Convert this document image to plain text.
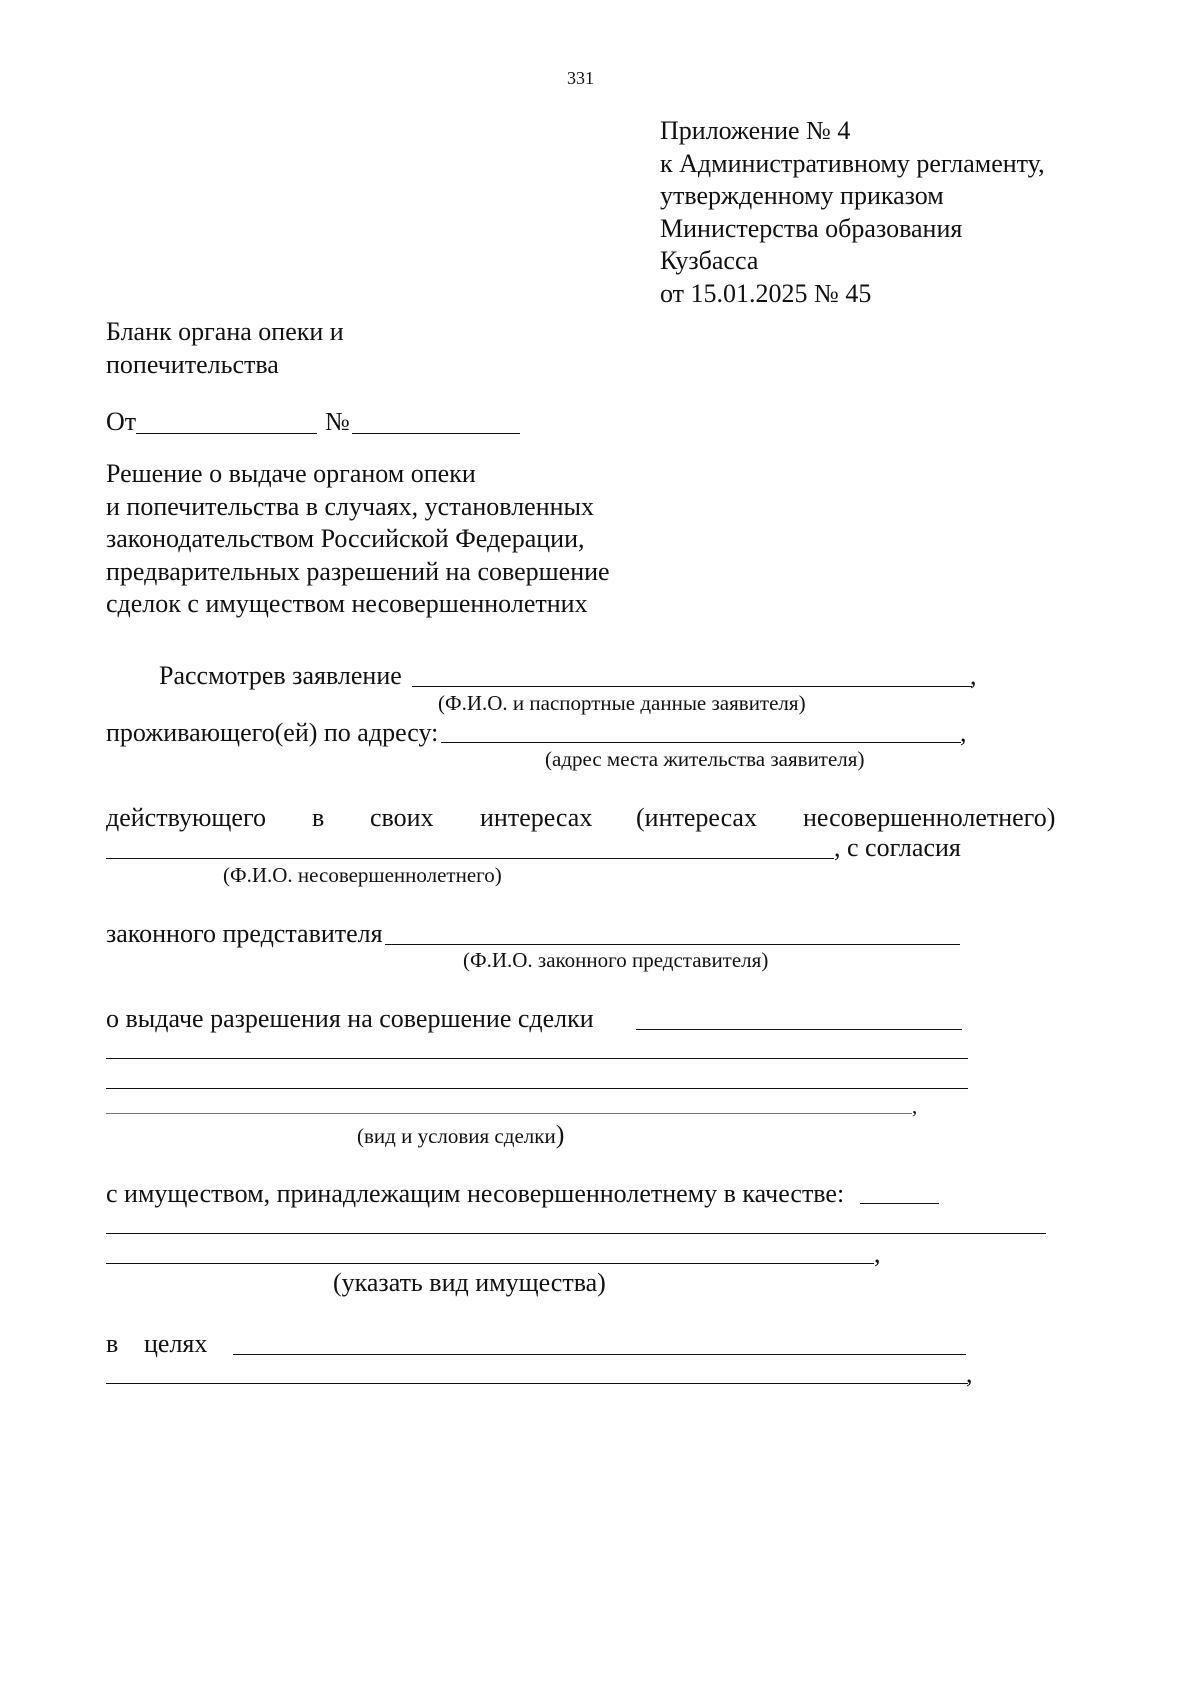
331
Приложение № 4
к Административному регламенту,
утвержденному приказом
Министерства образования
Кузбасса
от 15.01.2025 № 45
Бланк органа опеки и
попечительства
От	№
Решение о выдаче органом опеки
и попечительства в случаях, установленных
законодательством Российской Федерации,
предварительных разрешений на совершение
сделок с имуществом несовершеннолетних
Рассмотрев заявление	,
(Ф.И.О. и паспортные данные заявителя)
проживающего(ей) по адресу:	,
(адрес места жительства заявителя)
действующего в своих интересах (интересах несовершеннолетнего)
, с согласия
(Ф.И.О. несовершеннолетнего)
законного представителя
(Ф.И.О. законного представителя)
о выдаче разрешения на совершение сделки
,
(вид и условия сделки)
с имуществом, принадлежащим несовершеннолетнему в качестве:
,
(указать вид имущества)
в целях
,
